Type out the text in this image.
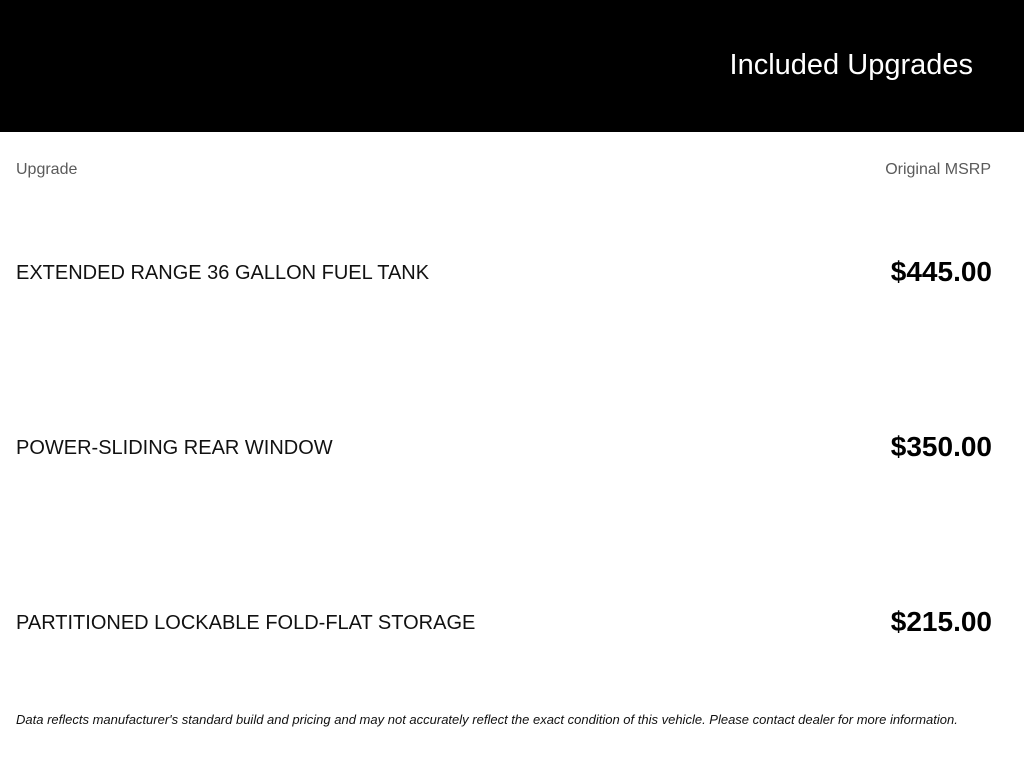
Included Upgrades
Upgrade	Original MSRP
EXTENDED RANGE 36 GALLON FUEL TANK	$445.00
POWER-SLIDING REAR WINDOW	$350.00
PARTITIONED LOCKABLE FOLD-FLAT STORAGE	$215.00
Data reflects manufacturer's standard build and pricing and may not accurately reflect the exact condition of this vehicle. Please contact dealer for more information.
